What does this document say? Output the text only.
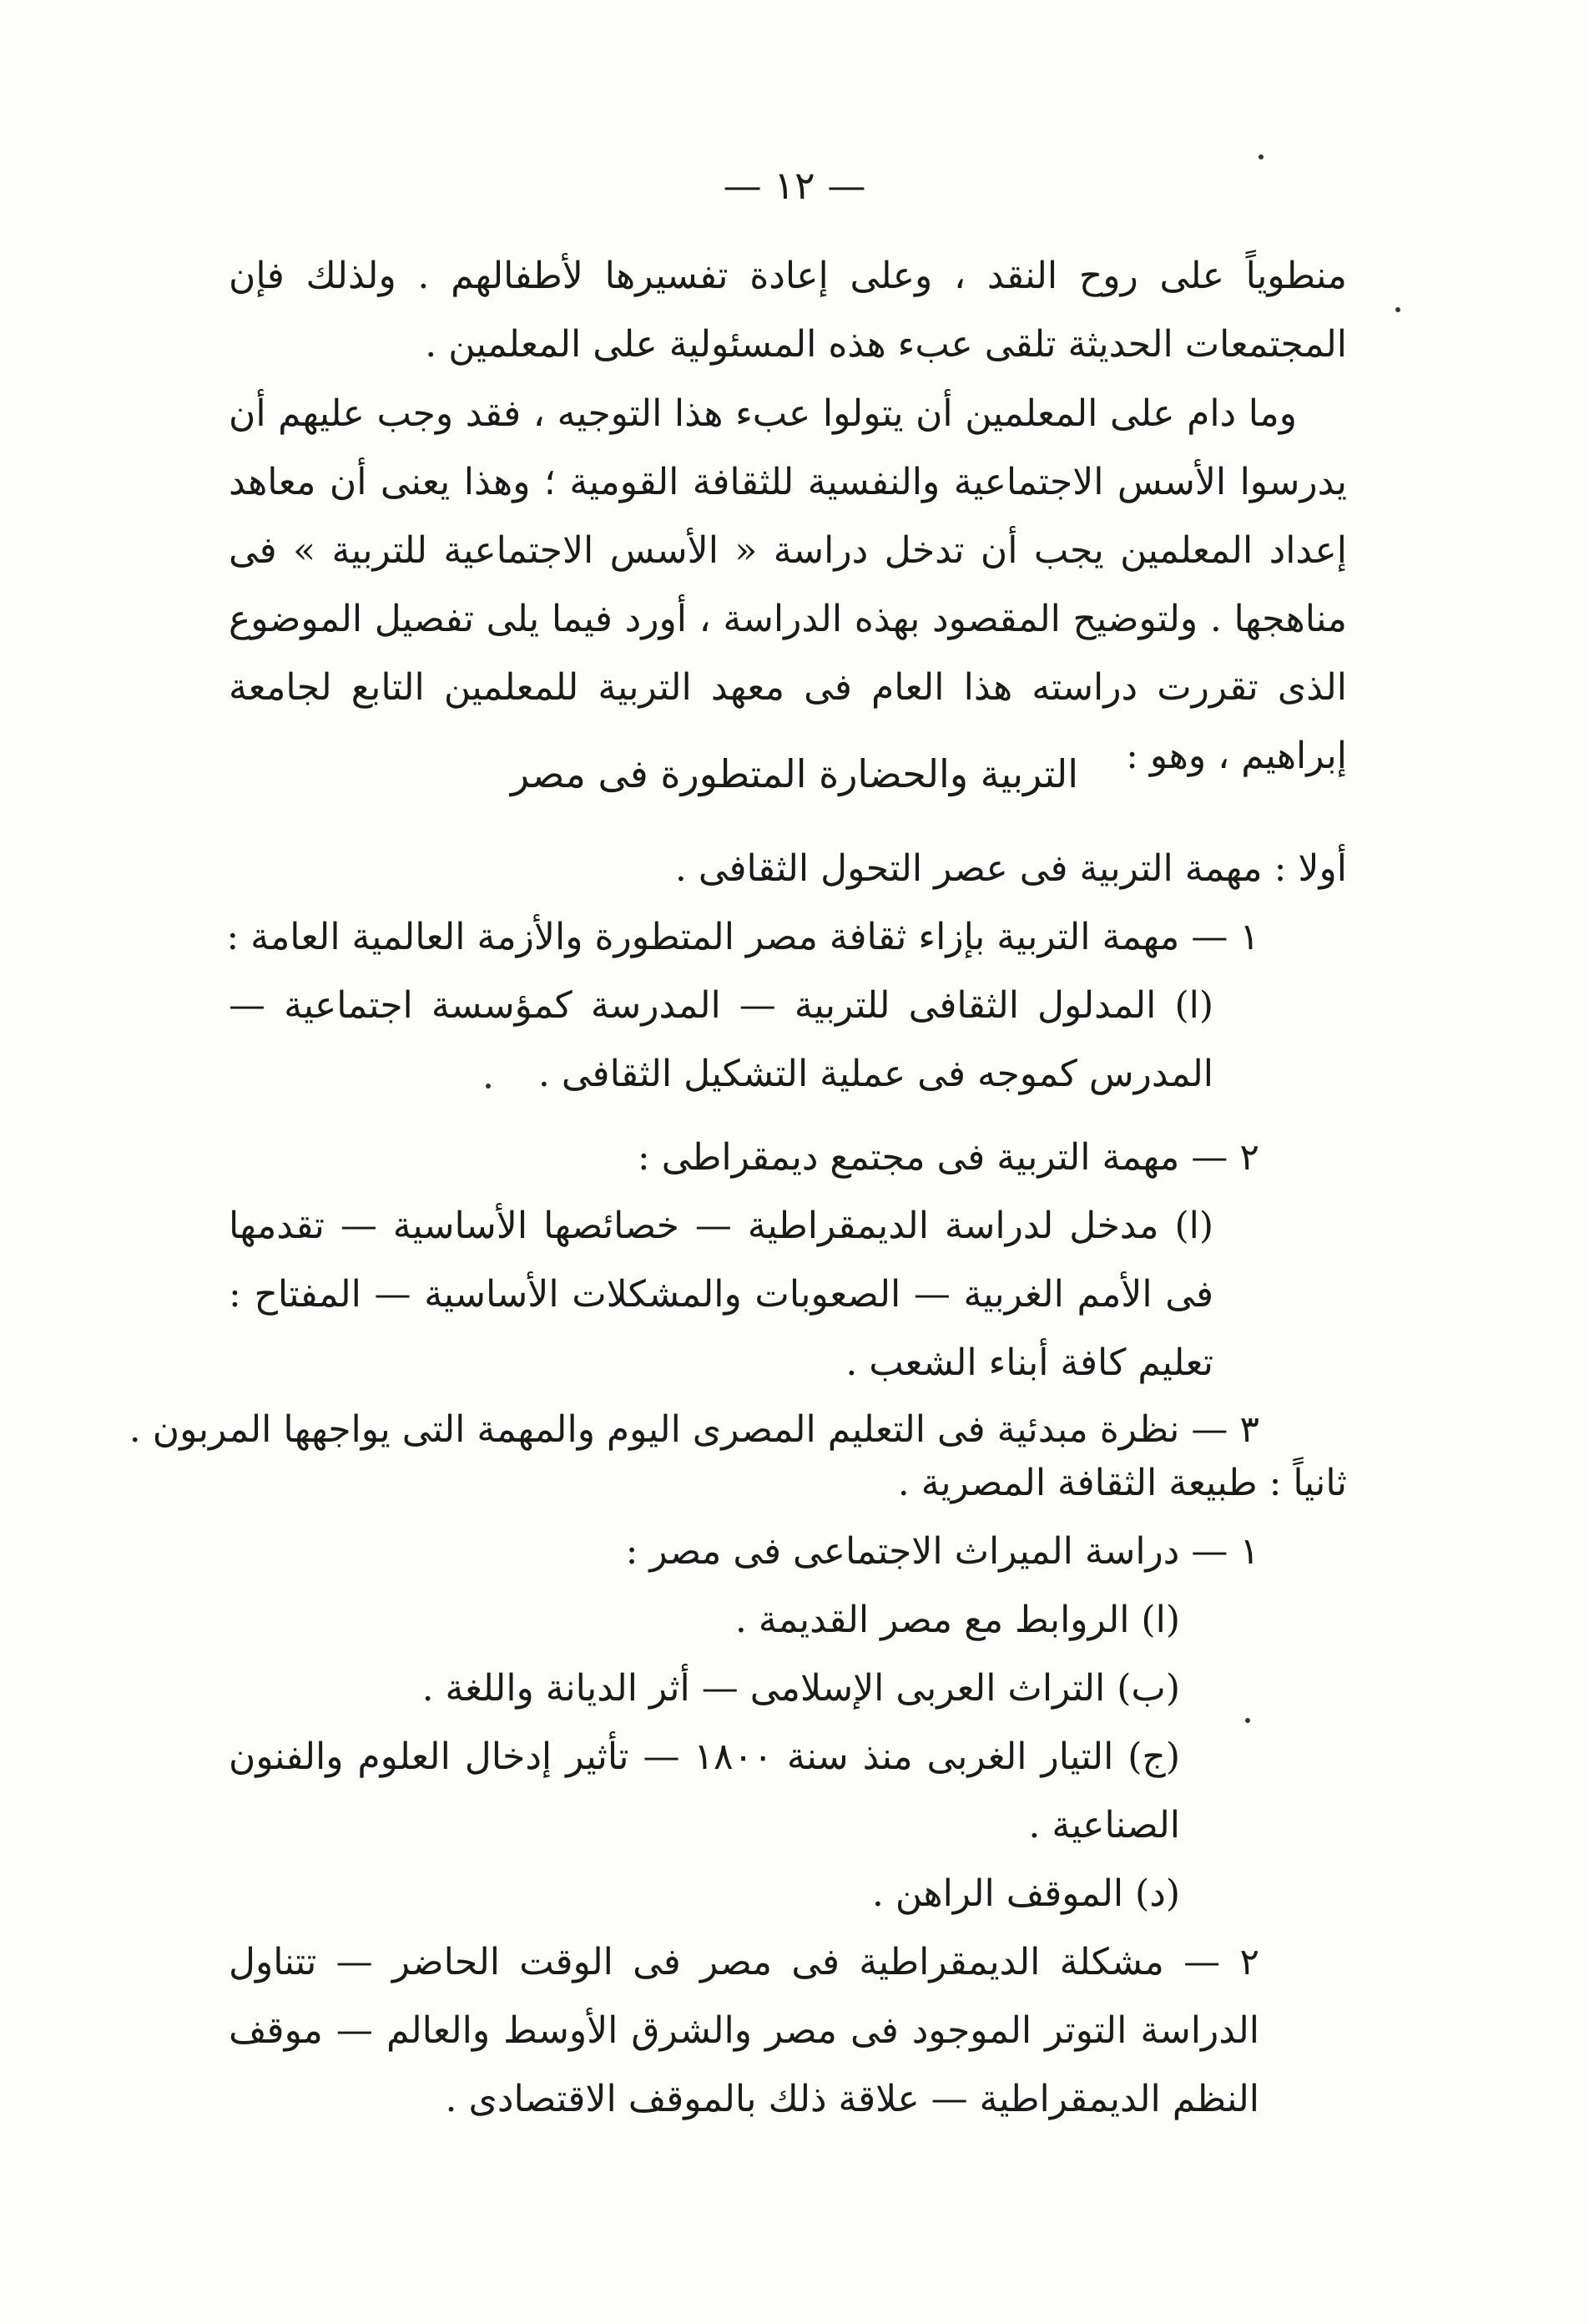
— ١٢ —
منطوياً على روح النقد ، وعلى إعادة تفسيرها لأطفالهم . ولذلك فإن المجتمعات الحديثة تلقى عبء هذه المسئولية على المعلمين .
وما دام على المعلمين أن يتولوا عبء هذا التوجيه ، فقد وجب عليهم أن يدرسوا الأسس الاجتماعية والنفسية للثقافة القومية ؛ وهذا يعنى أن معاهد إعداد المعلمين يجب أن تدخل دراسة « الأسس الاجتماعية للتربية » فى مناهجها . ولتوضيح المقصود بهذه الدراسة ، أورد فيما يلى تفصيل الموضوع الذى تقررت دراسته هذا العام فى معهد التربية للمعلمين التابع لجامعة إبراهيم ، وهو :
التربية والحضارة المتطورة فى مصر
أولا : مهمة التربية فى عصر التحول الثقافى .
١ — مهمة التربية بإزاء ثقافة مصر المتطورة والأزمة العالمية العامة :
(ا) المدلول الثقافى للتربية — المدرسة كمؤسسة اجتماعية — المدرس كموجه فى عملية التشكيل الثقافى .
٢ — مهمة التربية فى مجتمع ديمقراطى :
(ا) مدخل لدراسة الديمقراطية — خصائصها الأساسية — تقدمها فى الأمم الغربية — الصعوبات والمشكلات الأساسية — المفتاح : تعليم كافة أبناء الشعب .
٣ — نظرة مبدئية فى التعليم المصرى اليوم والمهمة التى يواجهها المربون .
ثانياً : طبيعة الثقافة المصرية .
١ — دراسة الميراث الاجتماعى فى مصر :
(ا) الروابط مع مصر القديمة .
(ب) التراث العربى الإسلامى — أثر الديانة واللغة .
(ج) التيار الغربى منذ سنة ١٨٠٠ — تأثير إدخال العلوم والفنون الصناعية .
(د) الموقف الراهن .
٢ — مشكلة الديمقراطية فى مصر فى الوقت الحاضر — تتناول الدراسة التوتر الموجود فى مصر والشرق الأوسط والعالم — موقف النظم الديمقراطية — علاقة ذلك بالموقف الاقتصادى .
